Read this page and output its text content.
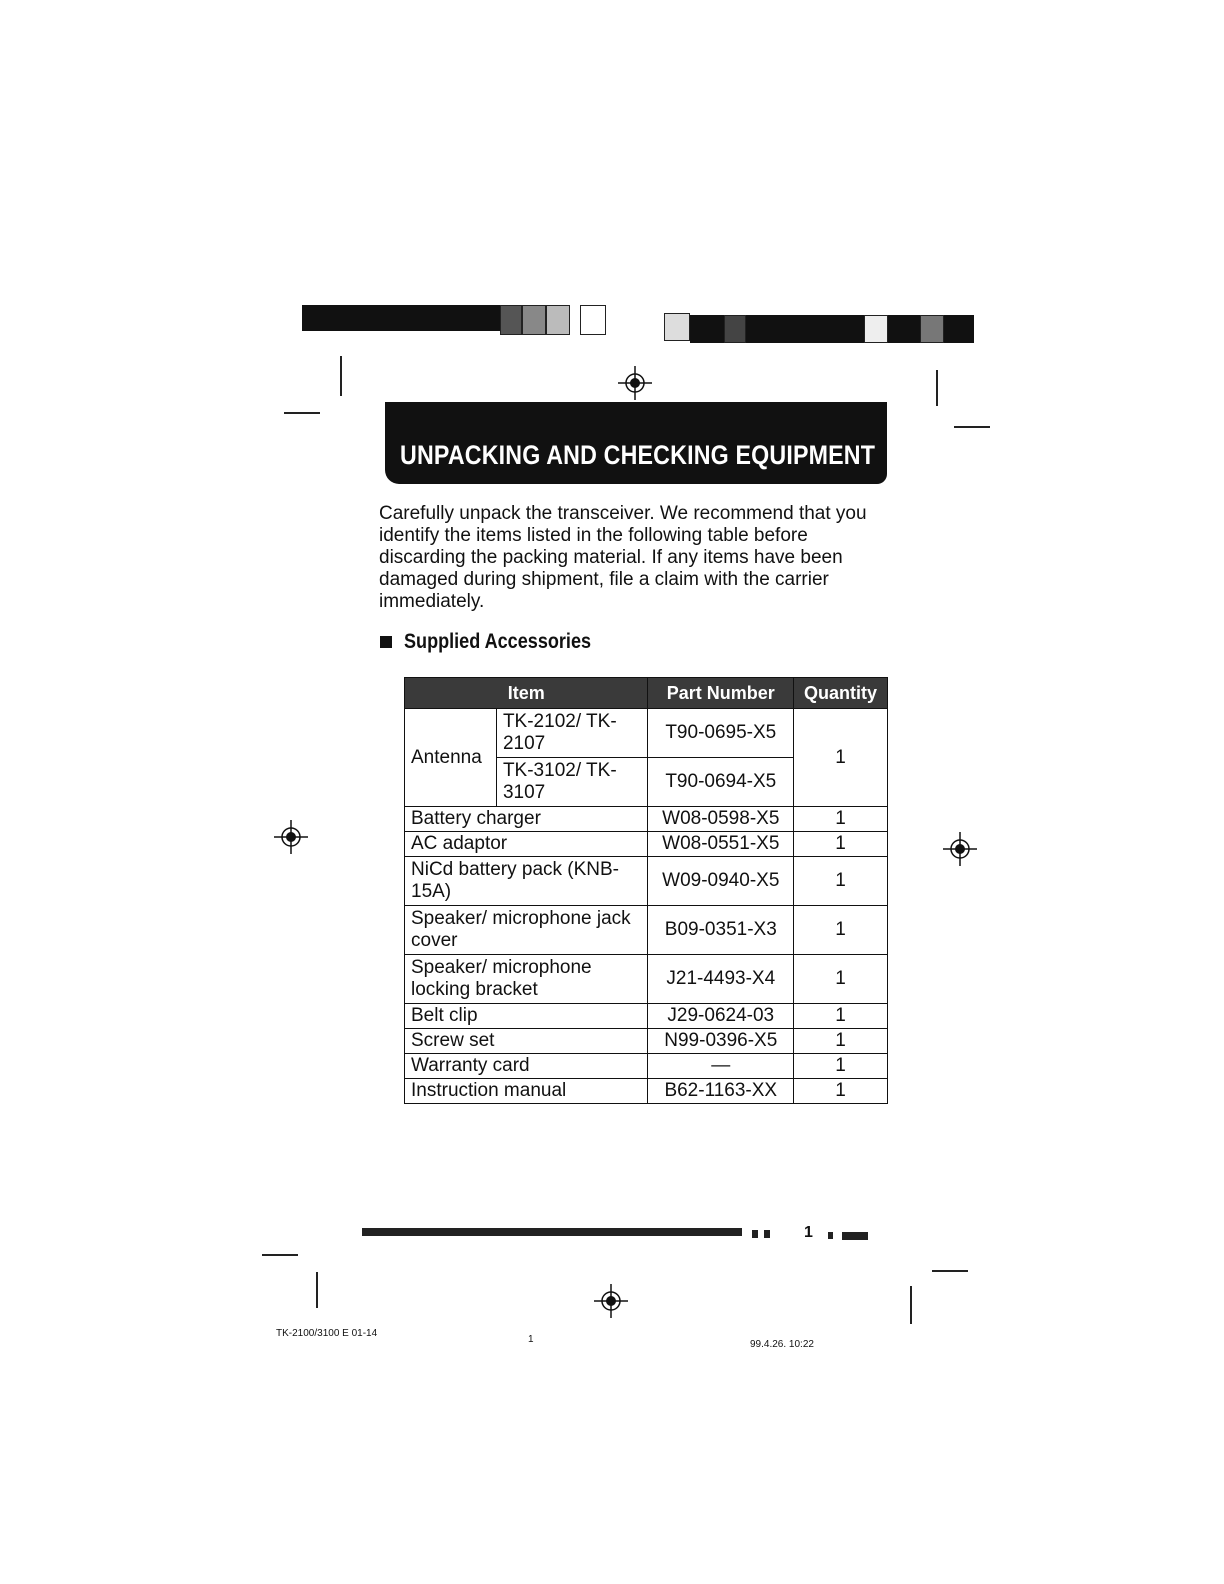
UNPACKING AND CHECKING EQUIPMENT
Carefully unpack the transceiver. We recommend that you identify the items listed in the following table before discarding the packing material. If any items have been damaged during shipment, file a claim with the carrier immediately.
Supplied Accessories
Item		Part Number	Quantity
Antenna	TK-2102/ TK-2107	T90-0695-X5	1
	TK-3102/ TK-3107	T90-0694-X5	
Battery charger		W08-0598-X5	1
AC adaptor		W08-0551-X5	1
NiCd battery pack (KNB-15A)		W09-0940-X5	1
Speaker/ microphone jack cover		B09-0351-X3	1
Speaker/ microphone locking bracket		J21-4493-X4	1
Belt clip		J29-0624-03	1
Screw set		N99-0396-X5	1
Warranty card		—	1
Instruction manual		B62-1163-XX	1
1
TK-2100/3100 E 01-14
1	99.4.26. 10:22
